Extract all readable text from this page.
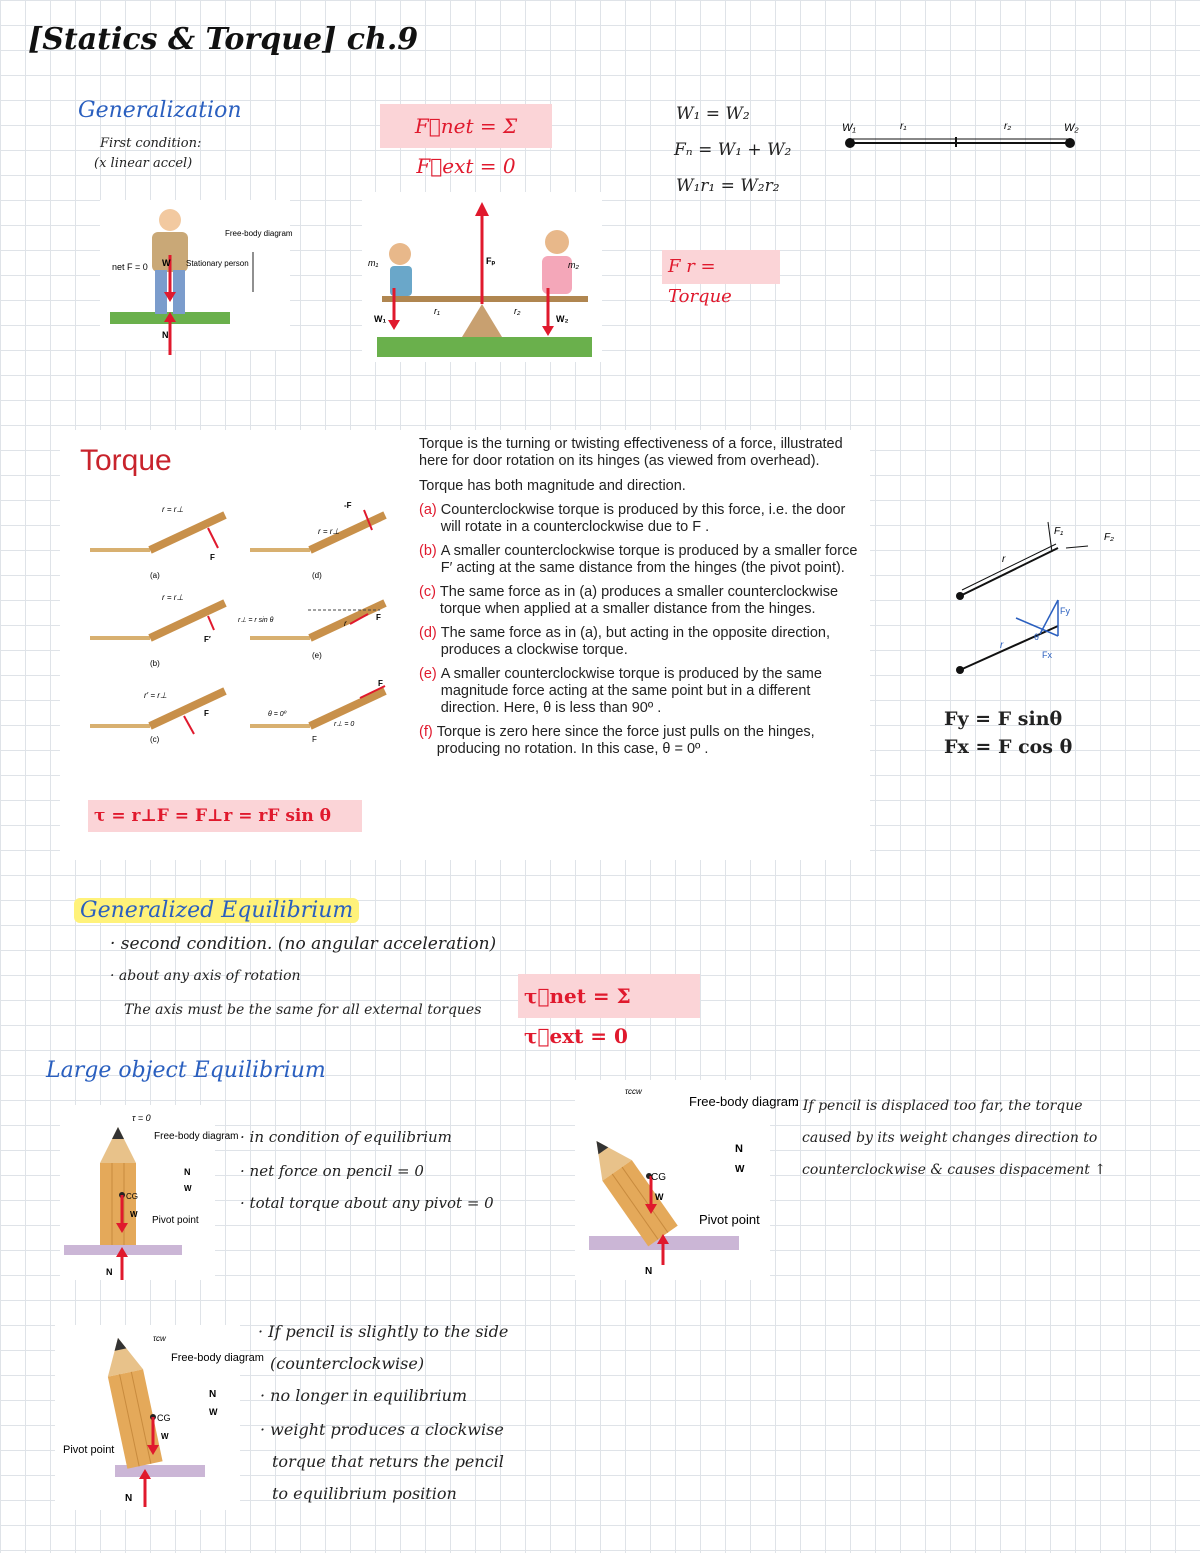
[Statics & Torque] ch.9
Generalization
First condition:
(x linear accel)
F⃗net = Σ F⃗ext = 0
net F = 0 W
N
Free-body diagram
Stationary person	m₁	m₂
Fₚ
W₁	W₂
r₁	r₂
W₁ = W₂
Fₙ = W₁ + W₂
W₁r₁ = W₂r₂
F r = Torque
W₁	r₁	r₂	W₂
Torque
r = r⊥
F
(a)
r = r⊥
F′
(b)
r′ = r⊥
F
(c)
r = r⊥
-F
(d)
r⊥ = r sin θ	r
F
(e)
θ = 0º
r⊥ = 0
F
F
τ = r⊥F = F⊥r = rF sin θ
Torque is the turning or twisting effectiveness of a force, illustrated here for door rotation on its hinges (as viewed from overhead).
Torque has both magnitude and direction.
(a) Counterclockwise torque is produced by this force, i.e. the door will rotate in a counterclockwise due to F .
(b) A smaller counterclockwise torque is produced by a smaller force F′ acting at the same distance from the hinges (the pivot point).
(c) The same force as in (a) produces a smaller counterclockwise torque when applied at a smaller distance from the hinges.
(d) The same force as in (a), but acting in the opposite direction, produces a clockwise torque.
(e) A smaller counterclockwise torque is produced by the same magnitude force acting at the same point but in a different direction. Here, θ is less than 90º .
(f) Torque is zero here since the force just pulls on the hinges, producing no rotation. In this case, θ = 0º .
F₁
F₂
r
r
θ
Fy
Fx
Fy = F sinθ
Fx = F cos θ
Generalized Equilibrium
· second condition. (no angular acceleration)
· about any axis of rotation
The axis must be the same for all external torques
τ⃗net = Σ τ⃗ext = 0
Large object Equilibrium
τ = 0
Free-body diagram
N
W
CG
W
Pivot point
N
· in condition of equilibrium
· net force on pencil = 0
· total torque about any pivot = 0
τccw
Free-body diagram
N
W
CG
W
Pivot point
N
· If pencil is displaced too far, the torque
caused by its weight changes direction to
counterclockwise & causes dispacement ↑
τcw
Free-body diagram
N
W
CG
W
Pivot point
N
· If pencil is slightly to the side
(counterclockwise)
· no longer in equilibrium
· weight produces a clockwise
torque that returs the pencil
to equilibrium position
